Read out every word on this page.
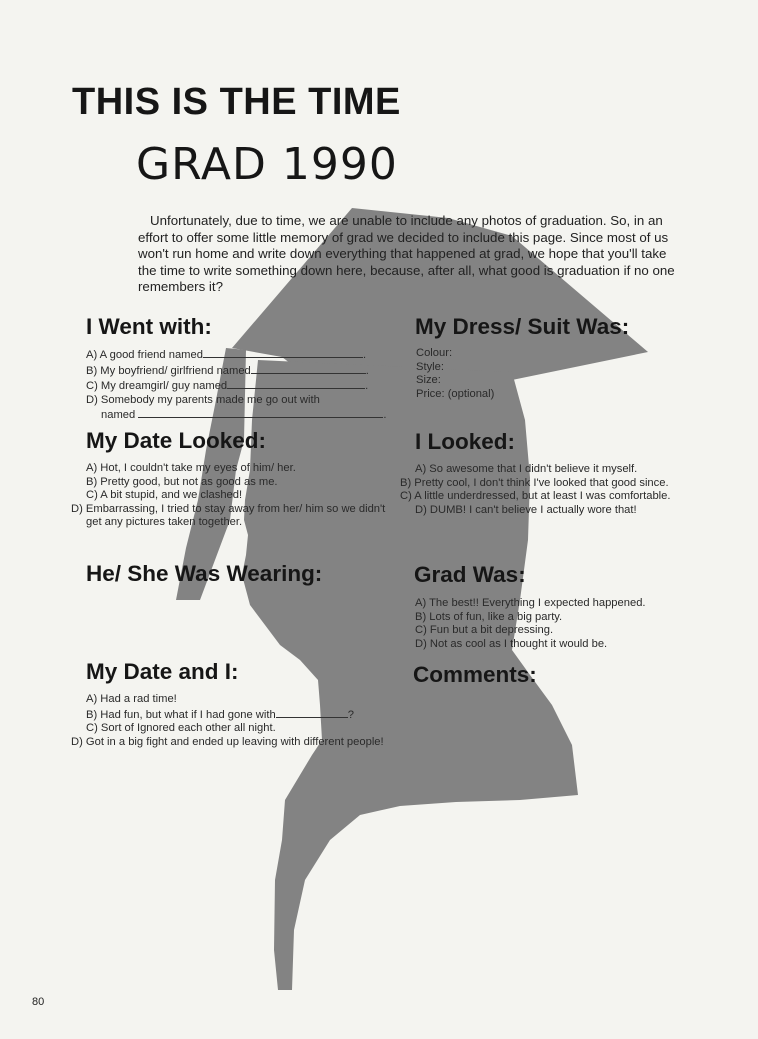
THIS IS THE TIME
GRAD 1990

Unfortunately, due to time, we are unable to include any photos of graduation. So, in an effort to offer some little memory of grad we decided to include this page. Since most of us won't run home and write down everything that happened at grad, we hope that you'll take the time to write something down here, because, after all, what good is graduation if no one remembers it?

I Went with:
A) A good friend named	.
B) My boyfriend/ girlfriend named	.
C) My dreamgirl/ guy named	.
D) Somebody my parents made me go out with
named	.
My Date Looked:
A) Hot, I couldn't take my eyes of him/ her.
B) Pretty good, but not as good as me.
C) A bit stupid, and we clashed!
D) Embarrassing, I tried to stay away from her/ him so we didn't get any pictures taken together.
He/ She Was Wearing:
My Date and I:
A) Had a rad time!
B) Had fun, but what if I had gone with	?
C) Sort of Ignored each other all night.
D) Got in a big fight and ended up leaving with different people!
My Dress/ Suit Was:
Colour:
Style:
Size:
Price: (optional)
I Looked:
A) So awesome that I didn't believe it myself.
B) Pretty cool, I don't think I've looked that good since.
C) A little underdressed, but at least I was comfortable.
D) DUMB! I can't believe I actually wore that!
Grad Was:
A) The best!! Everything I expected happened.
B) Lots of fun, like a big party.
C) Fun but a bit depressing.
D) Not as cool as I thought it would be.
Comments:
80
